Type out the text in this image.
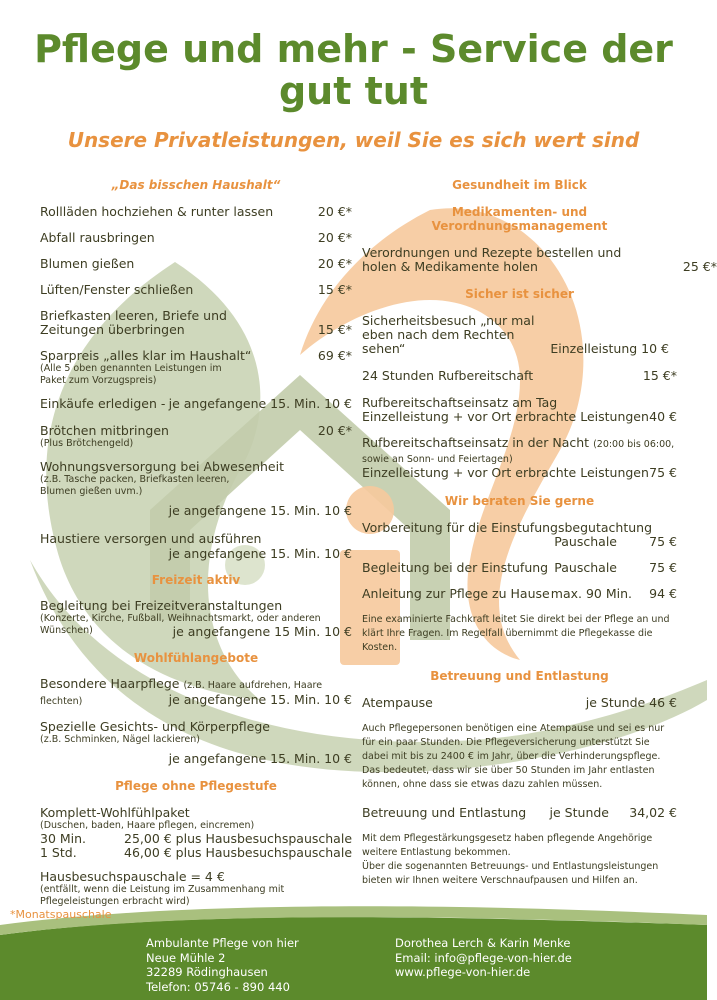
Pflege und mehr - Service der gut tut
Unsere Privatleistungen, weil Sie es sich wert sind
„Das bisschen Haushalt“
Rollläden hochziehen & runter lassen	20 €*
Abfall rausbringen	20 €*
Blumen gießen	20 €*
Lüften/Fenster schließen	15 €*
Briefkasten leeren, Briefe und Zeitungen überbringen	15 €*
Sparpreis „alles klar im Haushalt“	69 €*
(Alle 5 oben genannten Leistungen im Paket zum Vorzugspreis)
Einkäufe erledigen - je angefangene 15. Min. 10 €
Brötchen mitbringen	20 €*
(Plus Brötchengeld)
Wohnungsversorgung bei Abwesenheit
(z.B. Tasche packen, Briefkasten leeren, Blumen gießen uvm.)
je angefangene 15. Min. 10 €
Haustiere versorgen und ausführen
je angefangene 15. Min. 10 €
Freizeit aktiv
Begleitung bei Freizeitveranstaltungen
(Konzerte, Kirche, Fußball, Weihnachtsmarkt, oder anderen Wünschen)	je angefangene 15 Min. 10 €
Wohlfühlangebote
Besondere Haarpflege (z.B. Haare aufdrehen, Haare
flechten)	je angefangene 15. Min. 10 €
Spezielle Gesichts- und Körperpflege
(z.B. Schminken, Nägel lackieren)
je angefangene 15. Min. 10 €
Pflege ohne Pflegestufe
Komplett-Wohlfühlpaket
(Duschen, baden, Haare pflegen, eincremen)
30 Min.	25,00 € plus Hausbesuchspauschale
1 Std.	46,00 € plus Hausbesuchspauschale
Hausbesuchspauschale = 4 €
(entfällt, wenn die Leistung im Zusammenhang mit Pflegeleistungen erbracht wird)
Gesundheit im Blick
Medikamenten- und Verordnungsmanagement
Verordnungen und Rezepte bestellen und holen & Medikamente holen	25 €*
Sicher ist sicher
Sicherheitsbesuch „nur mal eben nach dem Rechten sehen“	Einzelleistung 10 €
24 Stunden Rufbereitschaft	15 €*
Rufbereitschaftseinsatz am Tag
Einzelleistung + vor Ort erbrachte Leistungen 40 €
Rufbereitschaftseinsatz in der Nacht (20:00 bis 06:00, sowie an Sonn- und Feiertagen)
Einzelleistung + vor Ort erbrachte Leistungen 75 €
Wir beraten Sie gerne
Vorbereitung für die Einstufungsbegutachtung
Pauschale	75 €

Begleitung bei der Einstufung Pauschale	75 €
Anleitung zur Pflege zu Hause max. 90 Min. 94 €
Eine examinierte Fachkraft leitet Sie direkt bei der Pflege an und klärt Ihre Fragen. Im Regelfall übernimmt die Pflegekasse die Kosten.
Betreuung und Entlastung
Atempause	je Stunde 46 €
Auch Pflegepersonen benötigen eine Atempause und sei es nur für ein paar Stunden. Die Pflegeversicherung unterstützt Sie dabei mit bis zu 2400 € im Jahr, über die Verhinderungspflege.
Das bedeutet, dass wir sie über 50 Stunden im Jahr entlasten können, ohne dass sie etwas dazu zahlen müssen.
Betreuung und Entlastung je Stunde 34,02 €
Mit dem Pflegestärkungsgesetz haben pflegende Angehörige weitere Entlastung bekommen.
Über die sogenannten Betreuungs- und Entlastungsleistungen bieten wir Ihnen weitere Verschnaufpausen und Hilfen an.
*Monatspauschale
Ambulante Pflege von hier
Neue Mühle 2
32289 Rödinghausen
Telefon: 05746 - 890 440
Dorothea Lerch & Karin Menke
Email: info@pflege-von-hier.de
www.pflege-von-hier.de
